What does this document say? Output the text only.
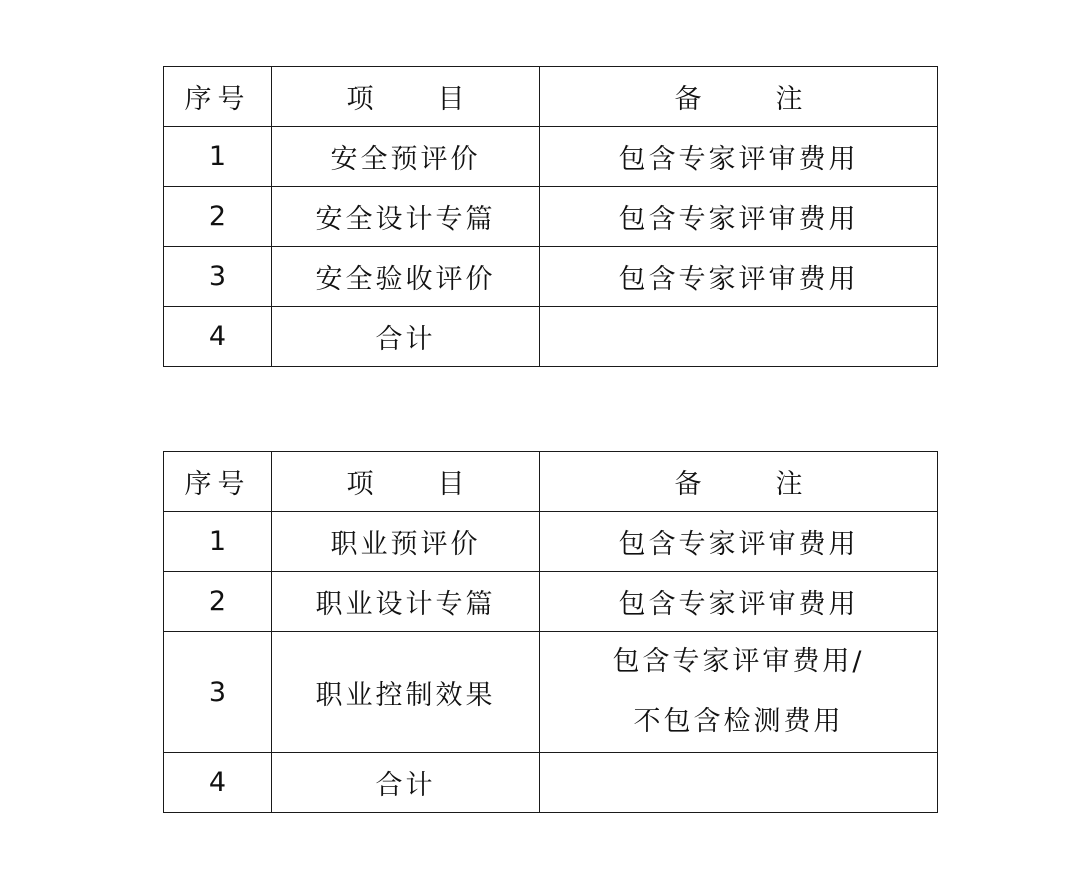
序号	项 目	备 注
1	安全预评价	包含专家评审费用
2	安全设计专篇	包含专家评审费用
3	安全验收评价	包含专家评审费用
4	合计	
序号	项 目	备 注
1	职业预评价	包含专家评审费用
2	职业设计专篇	包含专家评审费用
3	职业控制效果	包含专家评审费用/
不包含检测费用

4	合计	
